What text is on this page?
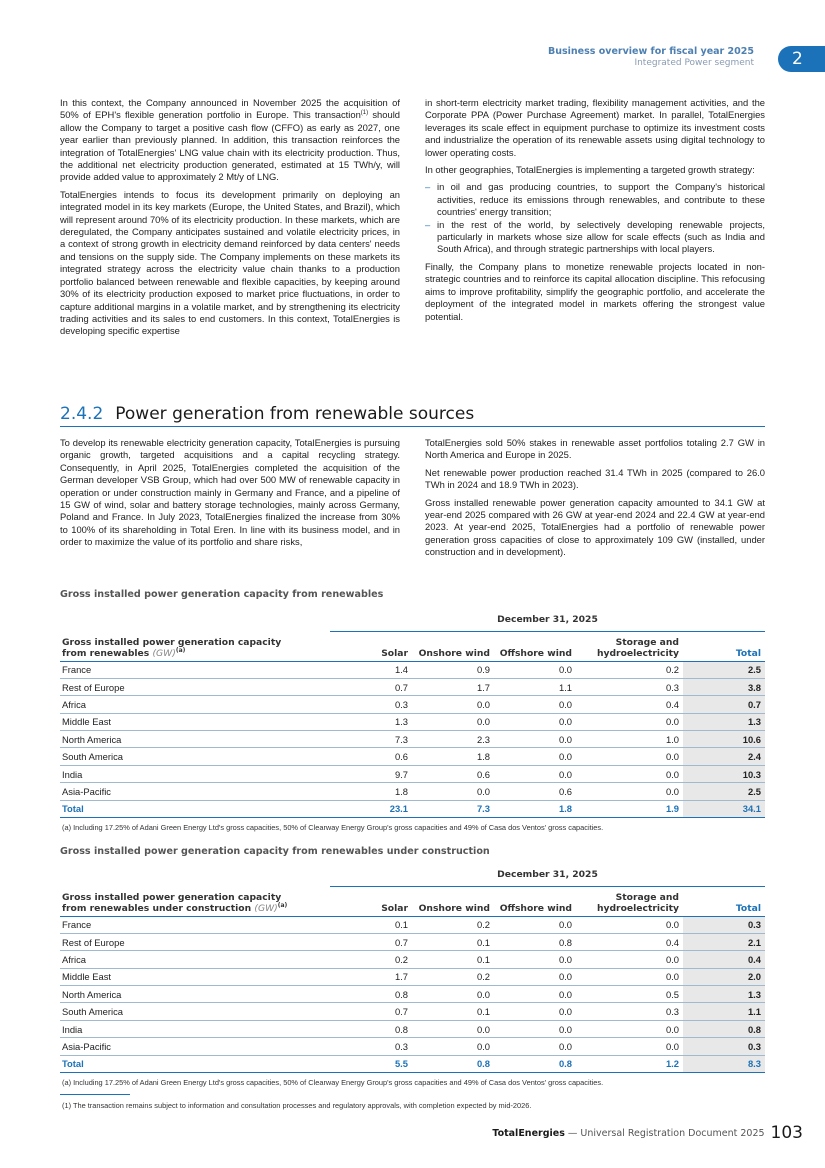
Business overview for fiscal year 2025
Integrated Power segment	2

In this context, the Company announced in November 2025 the acquisition of 50% of EPH's flexible generation portfolio in Europe. This transaction$^{(1)}$ should allow the Company to target a positive cash flow (CFFO) as early as 2027, one year earlier than previously planned. In addition, this transaction reinforces the integration of TotalEnergies' LNG value chain with its electricity production. Thus, the additional net electricity production generated, estimated at 15 TWh/y, will provide added value to approximately 2 Mt/y of LNG.

TotalEnergies intends to focus its development primarily on deploying an integrated model in its key markets (Europe, the United States, and Brazil), which will represent around 70% of its electricity production. In these markets, which are deregulated, the Company anticipates sustained and volatile electricity prices, in a context of strong growth in electricity demand reinforced by data centers' needs and tensions on the supply side. The Company implements on these markets its integrated strategy across the electricity value chain thanks to a production portfolio balanced between renewable and flexible capacities, by keeping around 30% of its electricity production exposed to market price fluctuations, in order to capture additional margins in a volatile market, and by strengthening its electricity trading activities and its sales to end customers. In this context, TotalEnergies is developing specific expertise

in short-term electricity market trading, flexibility management activities, and the Corporate PPA (Power Purchase Agreement) market. In parallel, TotalEnergies leverages its scale effect in equipment purchase to optimize its investment costs and industrialize the operation of its renewable assets using digital technology to lower operating costs.

In other geographies, TotalEnergies is implementing a targeted growth strategy:

– in oil and gas producing countries, to support the Company's historical activities, reduce its emissions through renewables, and contribute to these countries' energy transition;
– in the rest of the world, by selectively developing renewable projects, particularly in markets whose size allow for scale effects (such as India and South Africa), and through strategic partnerships with local players.

Finally, the Company plans to monetize renewable projects located in non-strategic countries and to reinforce its capital allocation discipline. This refocusing aims to improve profitability, simplify the geographic portfolio, and accelerate the deployment of the integrated model in markets offering the strongest value potential.

2.4.2 Power generation from renewable sources

To develop its renewable electricity generation capacity, TotalEnergies is pursuing organic growth, targeted acquisitions and a capital recycling strategy. Consequently, in April 2025, TotalEnergies completed the acquisition of the German developer VSB Group, which had over 500 MW of renewable capacity in operation or under construction mainly in Germany and France, and a pipeline of 15 GW of wind, solar and battery storage technologies, mainly across Germany, Poland and France. In July 2023, TotalEnergies finalized the increase from 30% to 100% of its shareholding in Total Eren. In line with its business model, and in order to maximize the value of its portfolio and share risks,

TotalEnergies sold 50% stakes in renewable asset portfolios totaling 2.7 GW in North America and Europe in 2025.

Net renewable power production reached 31.4 TWh in 2025 (compared to 26.0 TWh in 2024 and 18.9 TWh in 2023).

Gross installed renewable power generation capacity amounted to 34.1 GW at year-end 2025 compared with 26 GW at year-end 2024 and 22.4 GW at year-end 2023. At year-end 2025, TotalEnergies had a portfolio of renewable power generation gross capacities of close to approximately 109 GW (installed, under construction and in development).

Gross installed power generation capacity from renewables
	December 31, 2025				
Gross installed power generation capacity
from renewables (GW)$^{(a)}$	Solar	Onshore wind	Offshore wind	Storage and
hydroelectricity	Total
France	1.4	0.9	0.0	0.2	2.5
Rest of Europe	0.7	1.7	1.1	0.3	3.8
Africa	0.3	0.0	0.0	0.4	0.7
Middle East	1.3	0.0	0.0	0.0	1.3
North America	7.3	2.3	0.0	1.0	10.6
South America	0.6	1.8	0.0	0.0	2.4
India	9.7	0.6	0.0	0.0	10.3
Asia-Pacific	1.8	0.0	0.6	0.0	2.5
Total	23.1	7.3	1.8	1.9	34.1
(a) Including 17.25% of Adani Green Energy Ltd's gross capacities, 50% of Clearway Energy Group's gross capacities and 49% of Casa dos Ventos' gross capacities.
Gross installed power generation capacity from renewables under construction
	December 31, 2025				
Gross installed power generation capacity
from renewables under construction (GW)$^{(a)}$	Solar	Onshore wind	Offshore wind	Storage and
hydroelectricity	Total
France	0.1	0.2	0.0	0.0	0.3
Rest of Europe	0.7	0.1	0.8	0.4	2.1
Africa	0.2	0.1	0.0	0.0	0.4
Middle East	1.7	0.2	0.0	0.0	2.0
North America	0.8	0.0	0.0	0.5	1.3
South America	0.7	0.1	0.0	0.3	1.1
India	0.8	0.0	0.0	0.0	0.8
Asia-Pacific	0.3	0.0	0.0	0.0	0.3
Total	5.5	0.8	0.8	1.2	8.3
(a) Including 17.25% of Adani Green Energy Ltd's gross capacities, 50% of Clearway Energy Group's gross capacities and 49% of Casa dos Ventos' gross capacities.
(1) The transaction remains subject to information and consultation processes and regulatory approvals, with completion expected by mid-2026.
TotalEnergies — Universal Registration Document 2025 103
